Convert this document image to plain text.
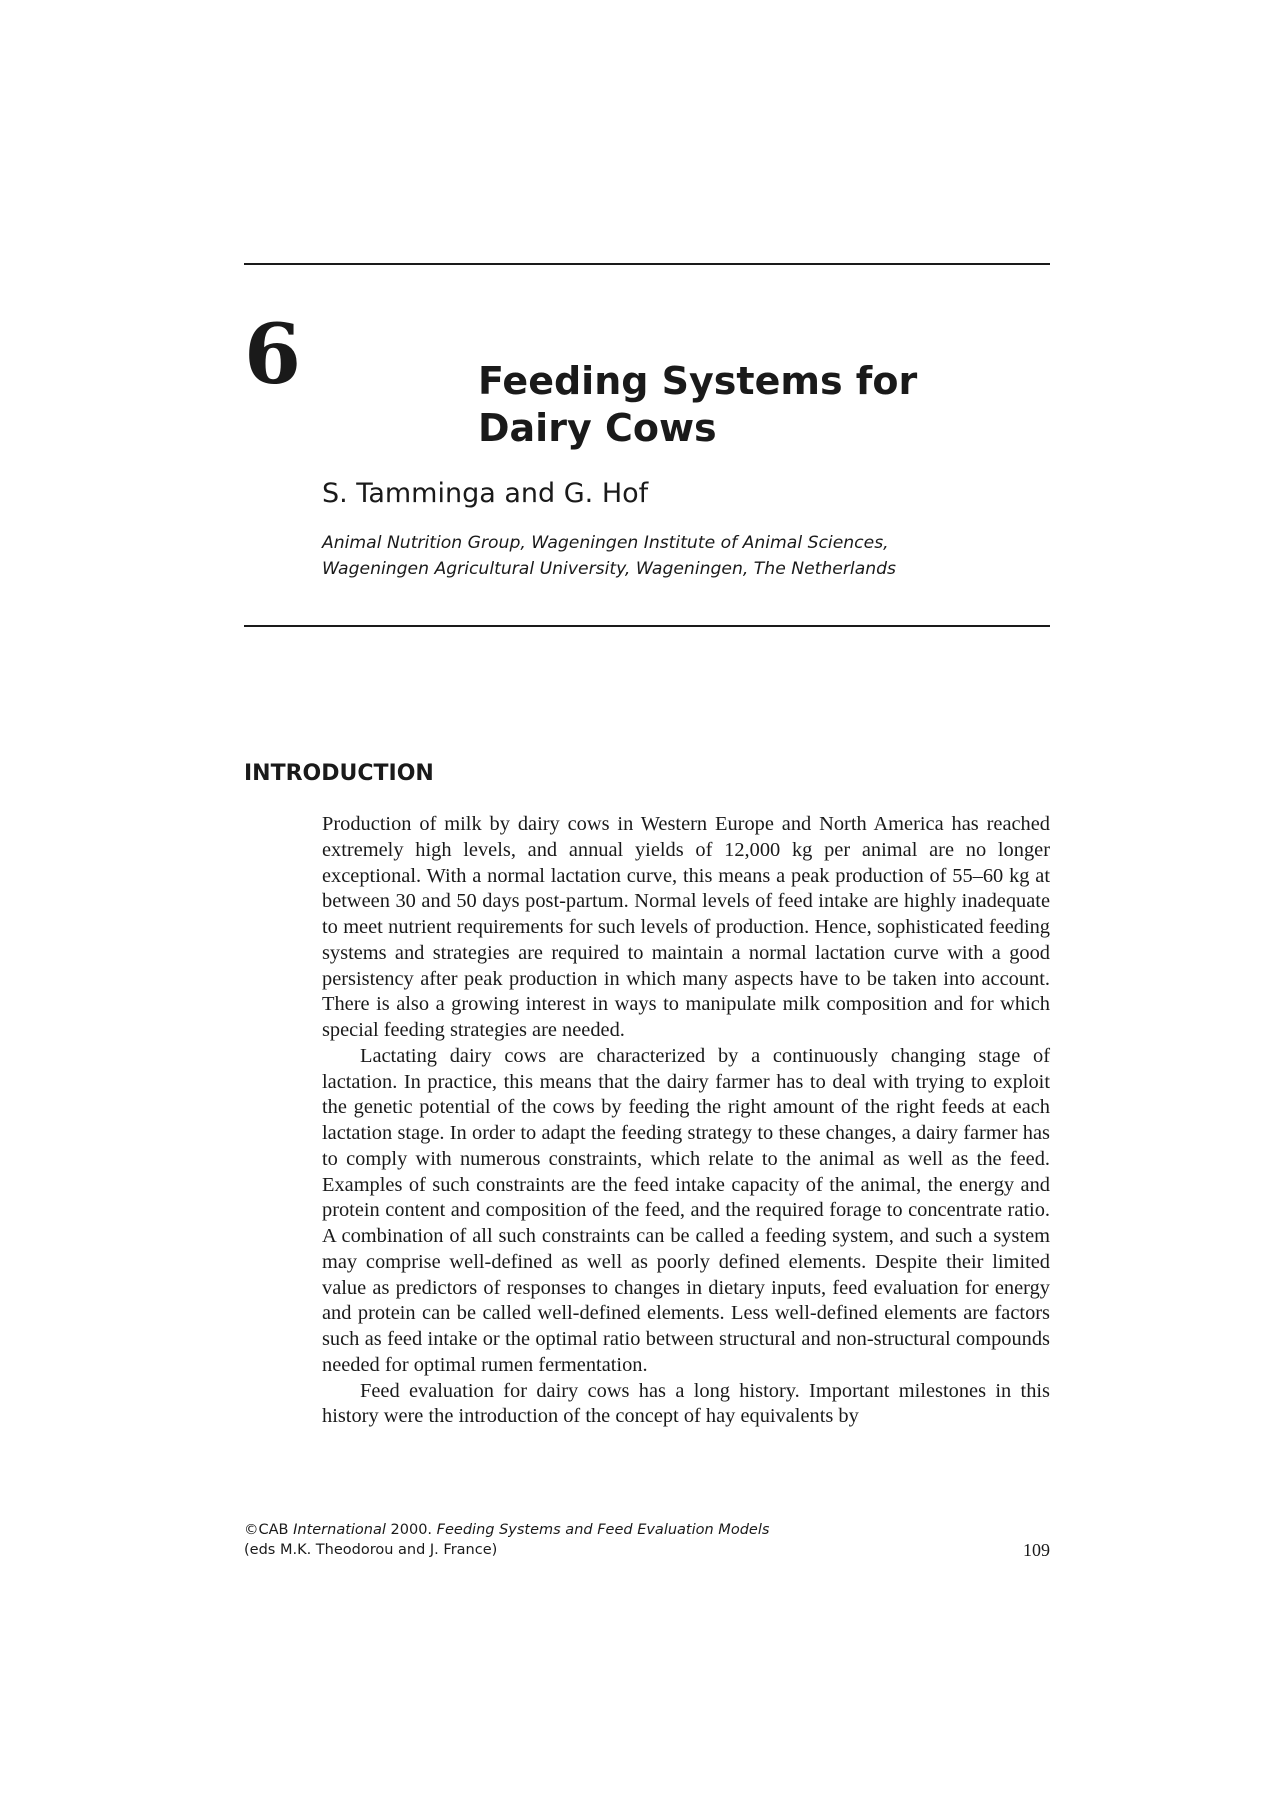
6	Feeding Systems for Dairy Cows
S. Tamminga and G. Hof
Animal Nutrition Group, Wageningen Institute of Animal Sciences,
Wageningen Agricultural University, Wageningen, The Netherlands
INTRODUCTION

Production of milk by dairy cows in Western Europe and North America has reached extremely high levels, and annual yields of 12,000 kg per animal are no longer exceptional. With a normal lactation curve, this means a peak production of 55–60 kg at between 30 and 50 days post-partum. Normal levels of feed intake are highly inadequate to meet nutrient requirements for such levels of production. Hence, sophisticated feeding systems and strategies are required to maintain a normal lactation curve with a good persistency after peak production in which many aspects have to be taken into account. There is also a growing interest in ways to manipulate milk composition and for which special feeding strategies are needed.

Lactating dairy cows are characterized by a continuously changing stage of lactation. In practice, this means that the dairy farmer has to deal with trying to exploit the genetic potential of the cows by feeding the right amount of the right feeds at each lactation stage. In order to adapt the feeding strategy to these changes, a dairy farmer has to comply with numerous constraints, which relate to the animal as well as the feed. Examples of such constraints are the feed intake capacity of the animal, the energy and protein content and composition of the feed, and the required forage to concentrate ratio. A combination of all such constraints can be called a feeding system, and such a system may comprise well-defined as well as poorly defined elements. Despite their limited value as predictors of responses to changes in dietary inputs, feed evaluation for energy and protein can be called well-defined elements. Less well-defined elements are factors such as feed intake or the optimal ratio between structural and non-structural compounds needed for optimal rumen fermentation.

Feed evaluation for dairy cows has a long history. Important milestones in this history were the introduction of the concept of hay equivalents by

©CAB International 2000. Feeding Systems and Feed Evaluation Models
(eds M.K. Theodorou and J. France)	109
